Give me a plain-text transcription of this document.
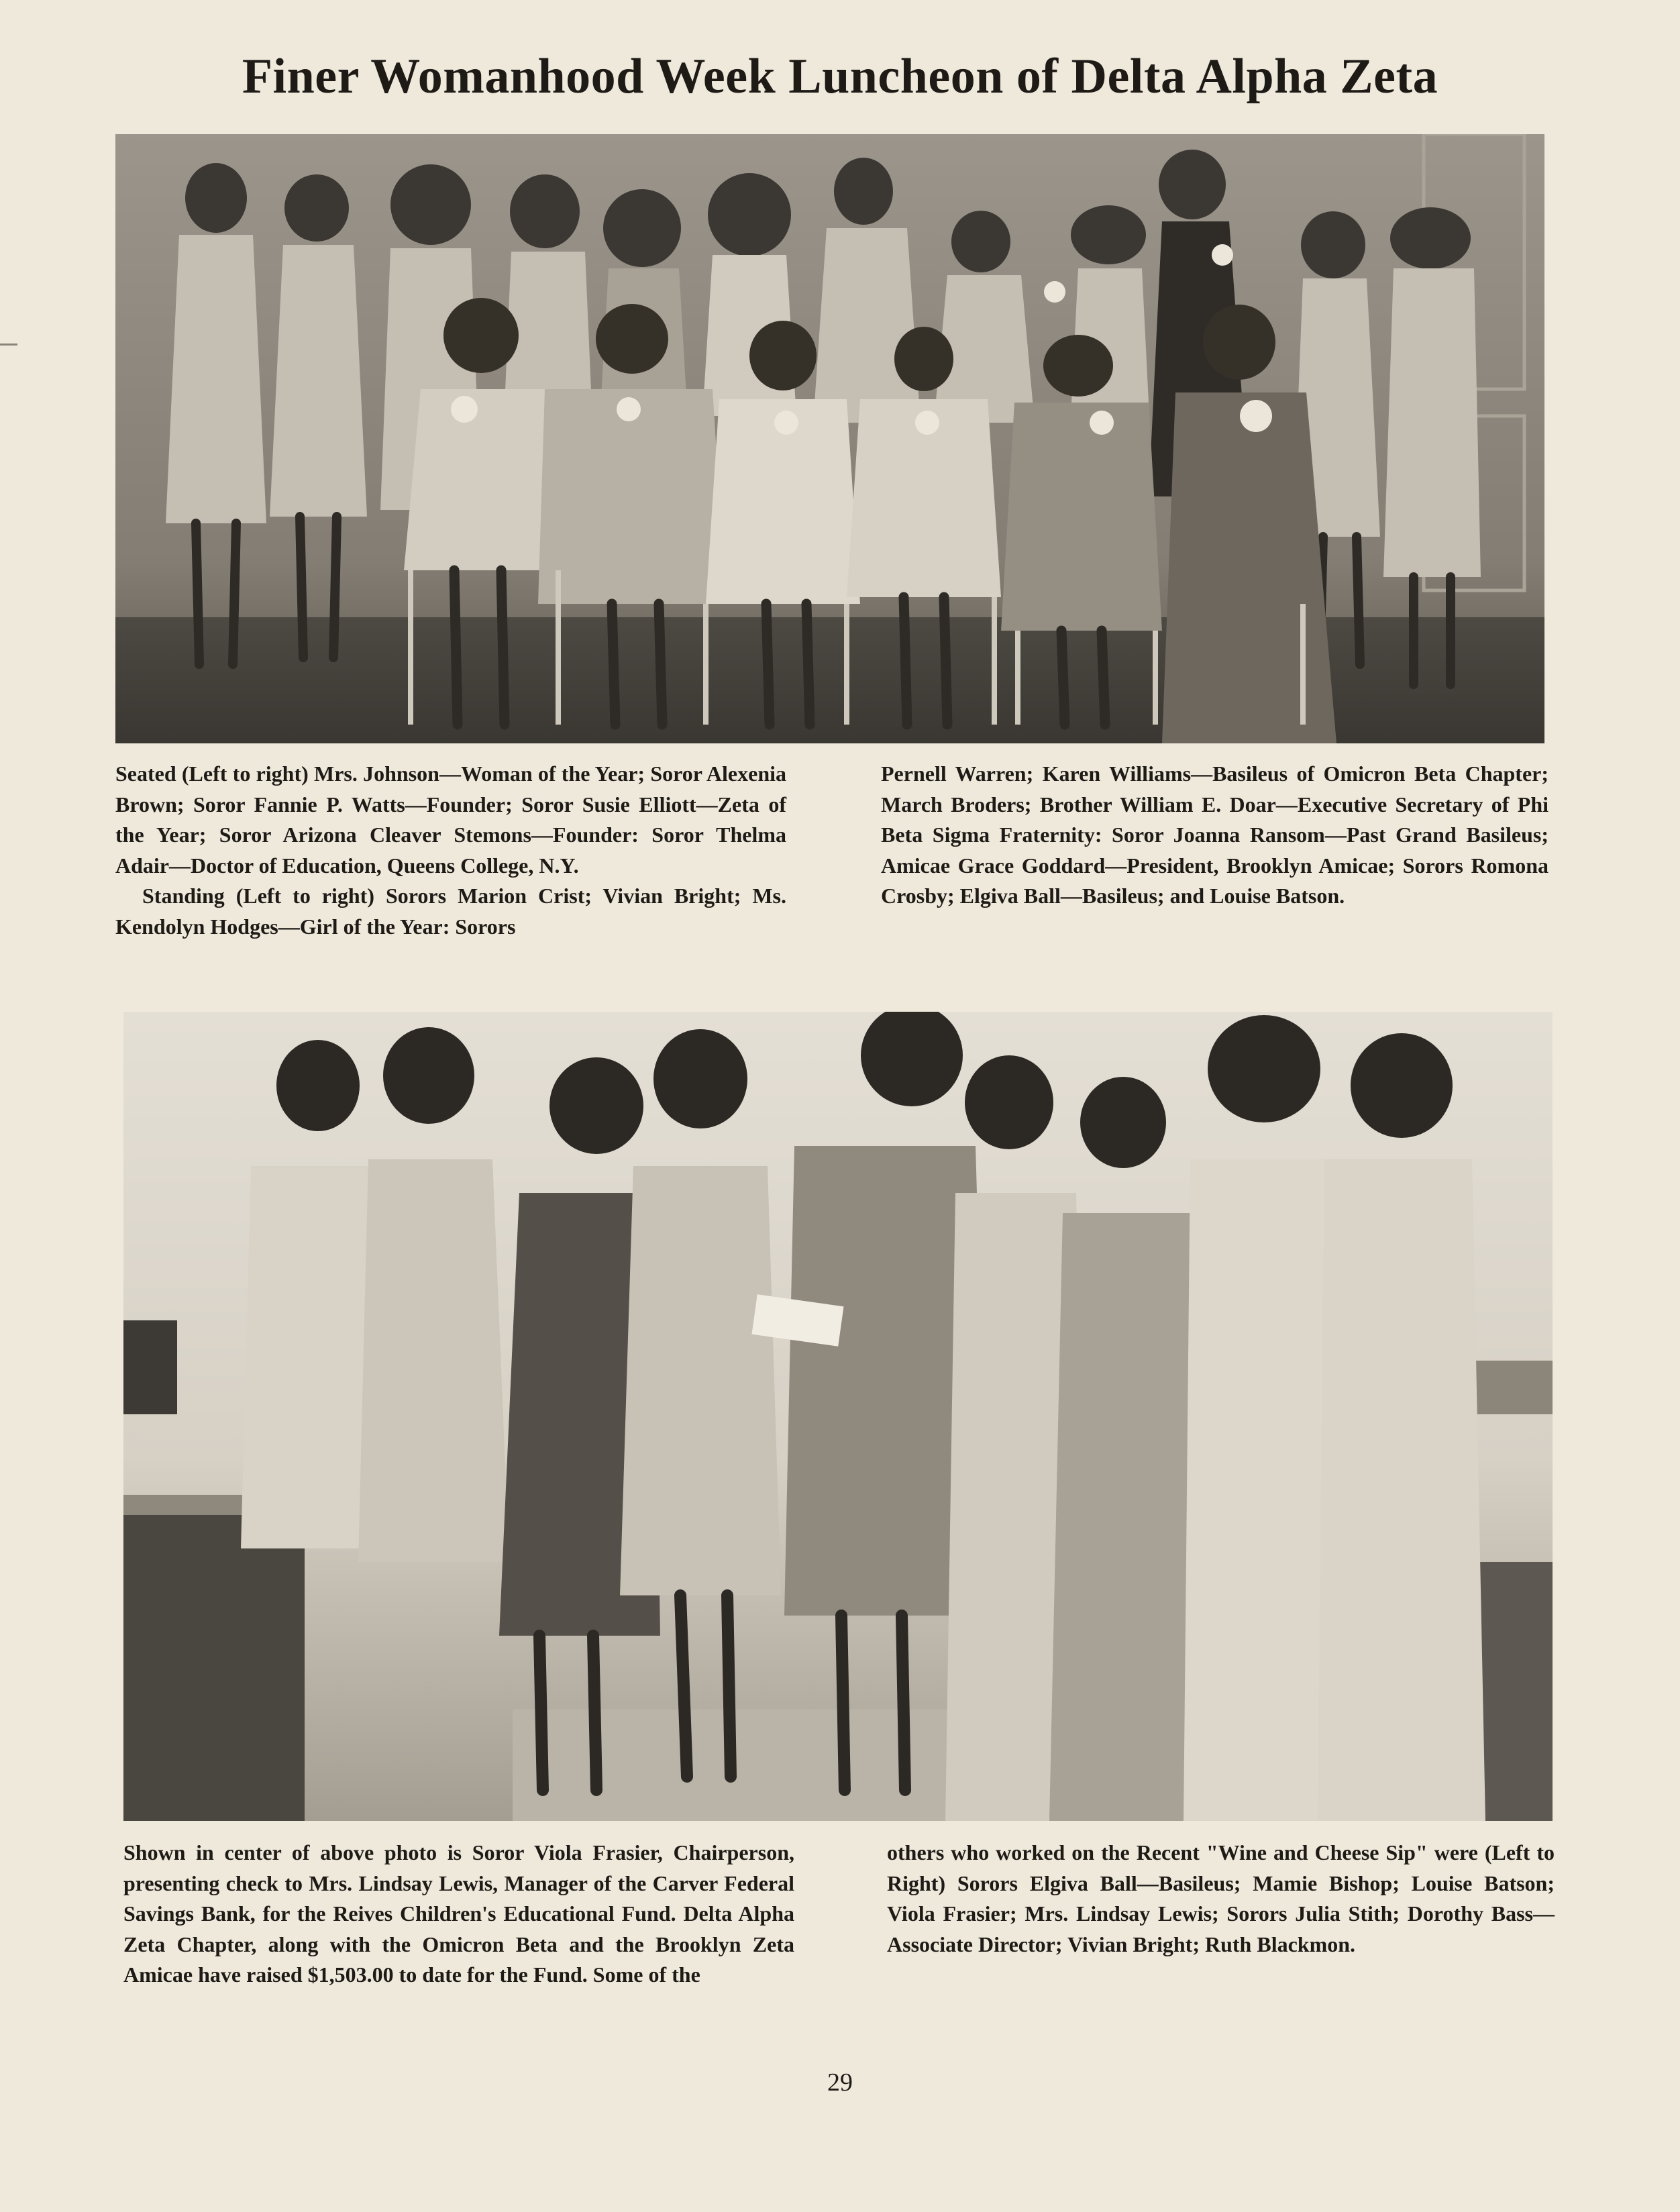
Finer Womanhood Week Luncheon of Delta Alpha Zeta

Seated (Left to right) Mrs. Johnson—Woman of the Year; Soror Alexenia Brown; Soror Fannie P. Watts—Founder; Soror Susie Elliott—Zeta of the Year; Soror Arizona Cleaver Stemons—Founder: Soror Thelma Adair—Doctor of Education, Queens College, N.Y.

Standing (Left to right) Sorors Marion Crist; Vivian Bright; Ms. Kendolyn Hodges—Girl of the Year: Sorors

Pernell Warren; Karen Williams—Basileus of Omicron Beta Chapter; March Broders; Brother William E. Doar—Executive Secretary of Phi Beta Sigma Fraternity: Soror Joanna Ransom—Past Grand Basileus; Amicae Grace Goddard—President, Brooklyn Amicae; Sorors Romona Crosby; Elgiva Ball—Basileus; and Louise Batson.

Shown in center of above photo is Soror Viola Frasier, Chairperson, presenting check to Mrs. Lindsay Lewis, Manager of the Carver Federal Savings Bank, for the Reives Children's Educational Fund. Delta Alpha Zeta Chapter, along with the Omicron Beta and the Brooklyn Zeta Amicae have raised $1,503.00 to date for the Fund. Some of the

others who worked on the Recent "Wine and Cheese Sip" were (Left to Right) Sorors Elgiva Ball—Basileus; Mamie Bishop; Louise Batson; Viola Frasier; Mrs. Lindsay Lewis; Sorors Julia Stith; Dorothy Bass—Associate Director; Vivian Bright; Ruth Blackmon.

29
